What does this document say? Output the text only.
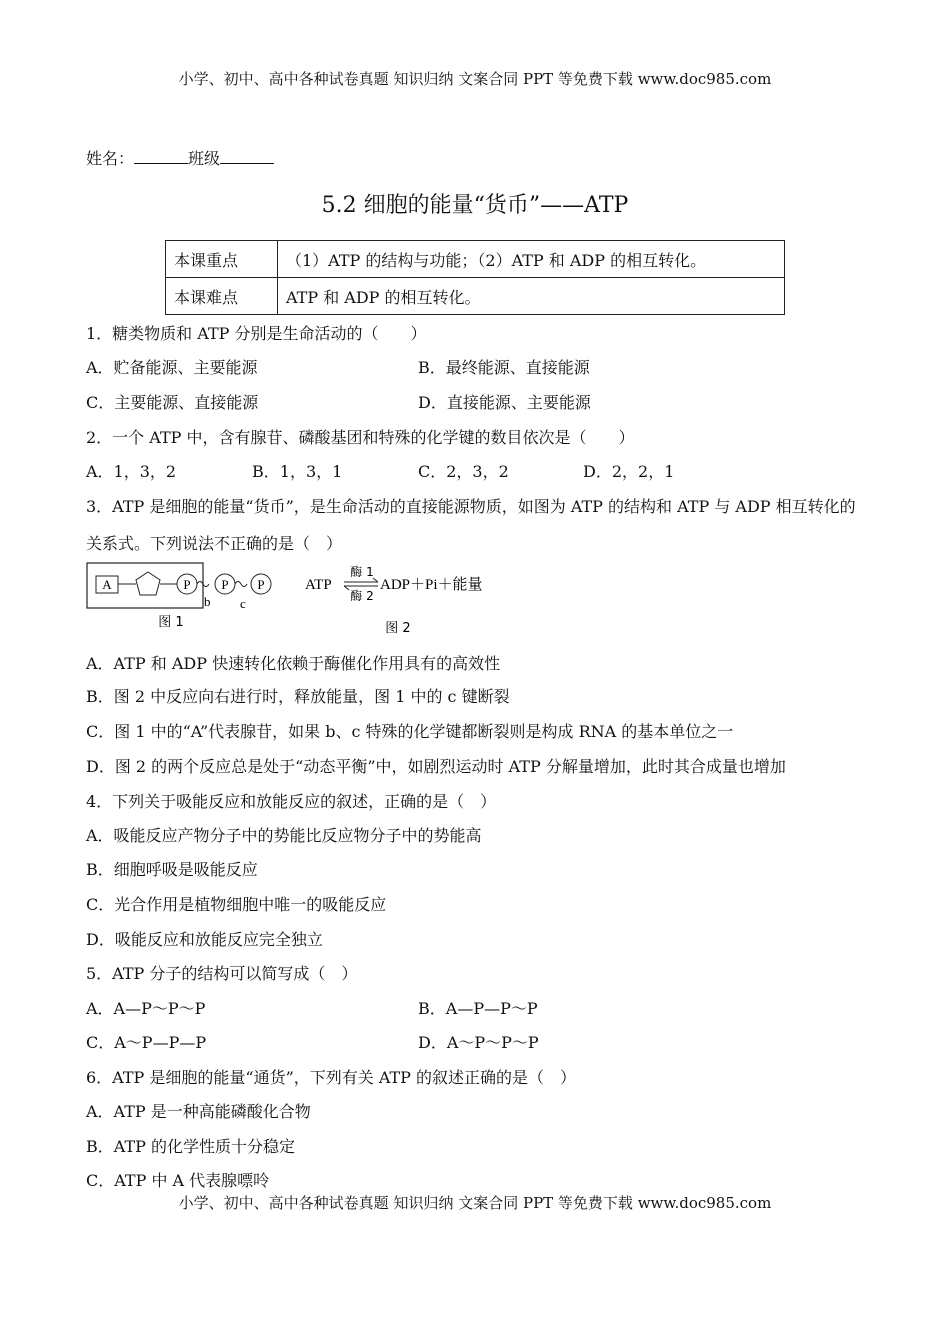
小学、初中、高中各种试卷真题 知识归纳 文案合同 PPT 等免费下载 www.doc985.com
姓名：	班级
5.2 细胞的能量“货币”——ATP
本课重点	（1）ATP 的结构与功能；（2）ATP 和 ADP 的相互转化。
本课难点	ATP 和 ADP 的相互转化。
1．糖类物质和 ATP 分别是生命活动的（　　）
A．贮备能源、主要能源	B．最终能源、直接能源
C．主要能源、直接能源	D．直接能源、主要能源
2．一个 ATP 中，含有腺苷、磷酸基团和特殊的化学键的数目依次是（　　）
A．1，3，2	B．1，3，1	C．2，3，2	D．2，2，1
3．ATP 是细胞的能量“货币”，是生命活动的直接能源物质，如图为 ATP 的结构和 ATP 与 ADP 相互转化的
关系式。下列说法不正确的是（　）
A	P P P
b c
图 1
ATP
酶 1
酶 2
ADP＋Pi＋能量
图 2
A．ATP 和 ADP 快速转化依赖于酶催化作用具有的高效性
B．图 2 中反应向右进行时，释放能量，图 1 中的 c 键断裂
C．图 1 中的“A”代表腺苷，如果 b、c 特殊的化学键都断裂则是构成 RNA 的基本单位之一
D．图 2 的两个反应总是处于“动态平衡”中，如剧烈运动时 ATP 分解量增加，此时其合成量也增加
4．下列关于吸能反应和放能反应的叙述，正确的是（　）
A．吸能反应产物分子中的势能比反应物分子中的势能高
B．细胞呼吸是吸能反应
C．光合作用是植物细胞中唯一的吸能反应
D．吸能反应和放能反应完全独立
5．ATP 分子的结构可以简写成（　）
A．A—P～P～P	B．A—P—P～P
C．A～P—P—P	D．A～P～P～P
6．ATP 是细胞的能量“通货”，下列有关 ATP 的叙述正确的是（　）
A．ATP 是一种高能磷酸化合物
B．ATP 的化学性质十分稳定
C．ATP 中 A 代表腺嘌呤
小学、初中、高中各种试卷真题 知识归纳 文案合同 PPT 等免费下载 www.doc985.com
